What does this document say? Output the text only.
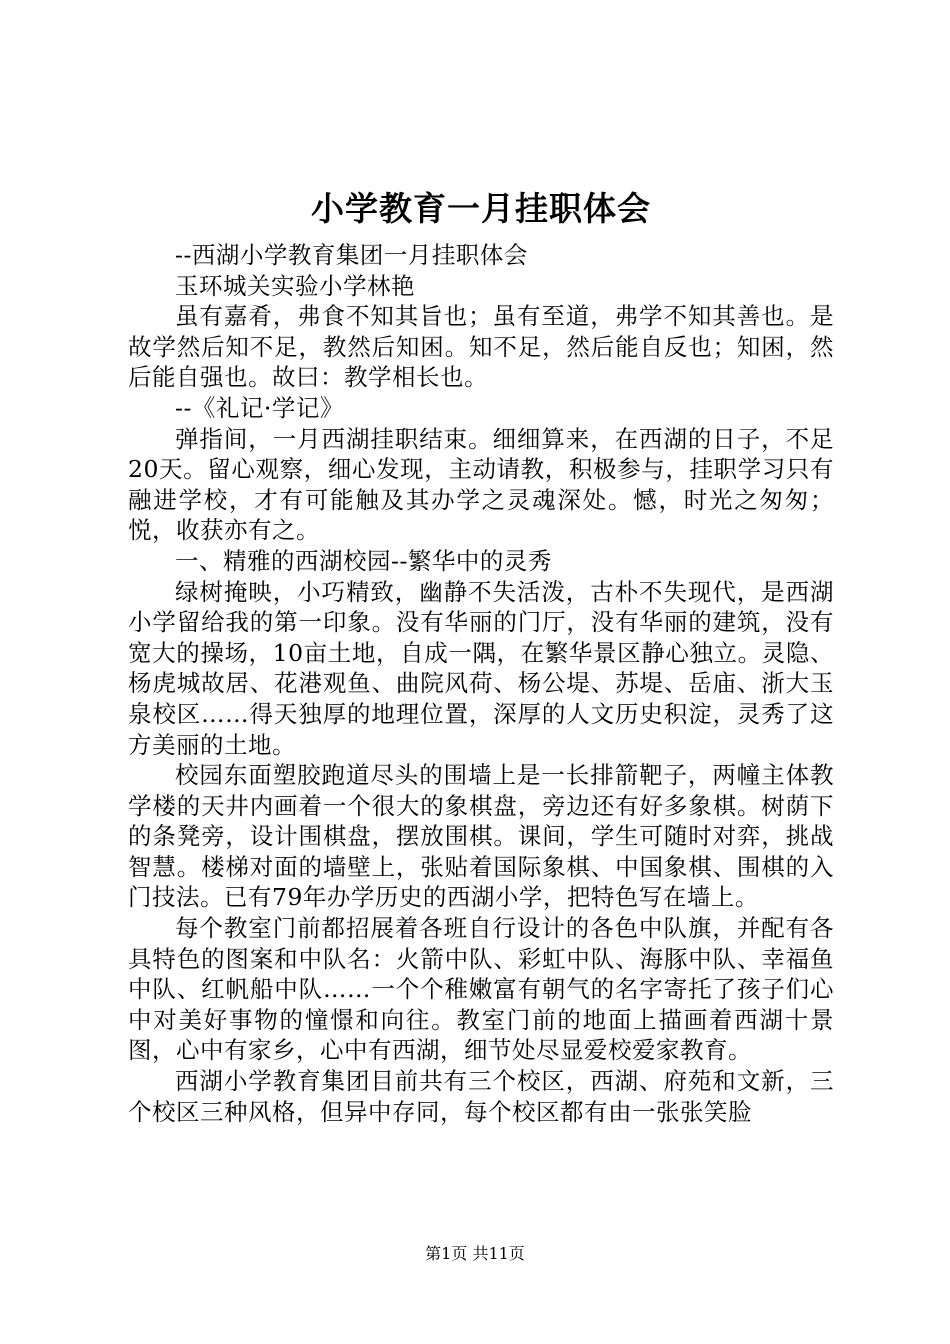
小学教育一月挂职体会

--西湖小学教育集团一月挂职体会

玉环城关实验小学林艳

虽有嘉肴，弗食不知其旨也；虽有至道，弗学不知其善也。是故学然后知不足，教然后知困。知不足，然后能自反也；知困，然后能自强也。故曰：教学相长也。

--《礼记·学记》

弹指间，一月西湖挂职结束。细细算来，在西湖的日子，不足20天。留心观察，细心发现，主动请教，积极参与，挂职学习只有融进学校，才有可能触及其办学之灵魂深处。憾，时光之匆匆；悦，收获亦有之。

一、精雅的西湖校园--繁华中的灵秀

绿树掩映，小巧精致，幽静不失活泼，古朴不失现代，是西湖小学留给我的第一印象。没有华丽的门厅，没有华丽的建筑，没有宽大的操场，10亩土地，自成一隅，在繁华景区静心独立。灵隐、杨虎城故居、花港观鱼、曲院风荷、杨公堤、苏堤、岳庙、浙大玉泉校区……得天独厚的地理位置，深厚的人文历史积淀，灵秀了这方美丽的土地。

校园东面塑胶跑道尽头的围墙上是一长排箭靶子，两幢主体教学楼的天井内画着一个很大的象棋盘，旁边还有好多象棋。树荫下的条凳旁，设计围棋盘，摆放围棋。课间，学生可随时对弈，挑战智慧。楼梯对面的墙壁上，张贴着国际象棋、中国象棋、围棋的入门技法。已有79年办学历史的西湖小学，把特色写在墙上。

每个教室门前都招展着各班自行设计的各色中队旗，并配有各具特色的图案和中队名：火箭中队、彩虹中队、海豚中队、幸福鱼中队、红帆船中队……一个个稚嫩富有朝气的名字寄托了孩子们心中对美好事物的憧憬和向往。教室门前的地面上描画着西湖十景图，心中有家乡，心中有西湖，细节处尽显爱校爱家教育。

西湖小学教育集团目前共有三个校区，西湖、府苑和文新，三个校区三种风格，但异中存同，每个校区都有由一张张笑脸

第1页 共11页
